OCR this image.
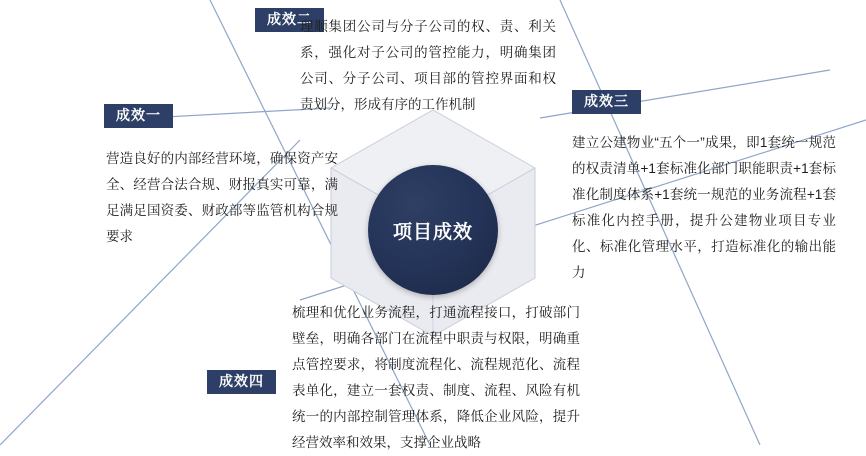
项目成效
成效一
营造良好的内部经营环境，确保资产安全、经营合法合规、财报真实可靠，满足满足国资委、财政部等监管机构合规要求
成效二
理顺集团公司与分子公司的权、责、利关系，强化对子公司的管控能力，明确集团公司、分子公司、项目部的管控界面和权责划分，形成有序的工作机制	成效三
建立公建物业“五个一”成果，即1套统一规范的权责清单+1套标准化部门职能职责+1套标准化制度体系+1套统一规范的业务流程+1套标准化内控手册，提升公建物业项目专业化、标准化管理水平，打造标准化的输出能力
成效四
梳理和优化业务流程，打通流程接口，打破部门壁垒，明确各部门在流程中职责与权限，明确重点管控要求，将制度流程化、流程规范化、流程表单化，建立一套权责、制度、流程、风险有机统一的内部控制管理体系，降低企业风险，提升经营效率和效果，支撑企业战略
